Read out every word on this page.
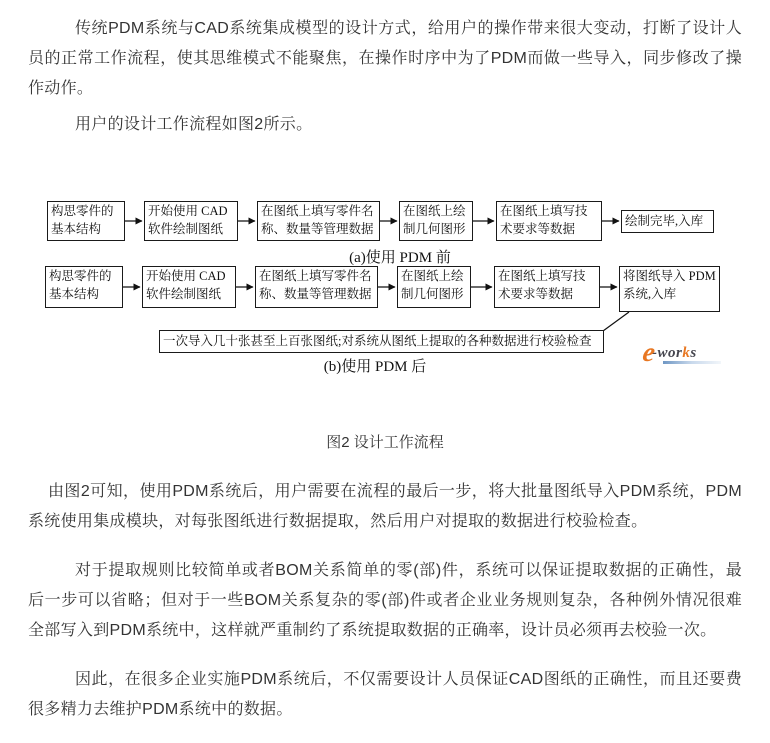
传统PDM系统与CAD系统集成模型的设计方式，给用户的操作带来很大变动，打断了设计人员的正常工作流程，使其思维模式不能聚焦，在操作时序中为了PDM而做一些导入，同步修改了操作动作。

用户的设计工作流程如图2所示。

构思零件的
基本结构
开始使用 CAD
软件绘制图纸
在图纸上填写零件名
称、数量等管理数据
在图纸上绘
制几何图形
在图纸上填写技
术要求等数据
绘制完毕,入库
(a)使用 PDM 前
构思零件的
基本结构
开始使用 CAD
软件绘制图纸
在图纸上填写零件名
称、数量等管理数据
在图纸上绘
制几何图形
在图纸上填写技
术要求等数据
将图纸导入 PDM
系统,入库
一次导入几十张甚至上百张图纸;对系统从图纸上提取的各种数据进行校验检查
(b)使用 PDM 后	e-works
图2 设计工作流程

由图2可知，使用PDM系统后，用户需要在流程的最后一步，将大批量图纸导入PDM系统，PDM系统使用集成模块，对每张图纸进行数据提取，然后用户对提取的数据进行校验检查。

对于提取规则比较简单或者BOM关系简单的零(部)件，系统可以保证提取数据的正确性，最后一步可以省略；但对于一些BOM关系复杂的零(部)件或者企业业务规则复杂，各种例外情况很难全部写入到PDM系统中，这样就严重制约了系统提取数据的正确率，设计员必须再去校验一次。

因此，在很多企业实施PDM系统后，不仅需要设计人员保证CAD图纸的正确性，而且还要费很多精力去维护PDM系统中的数据。
